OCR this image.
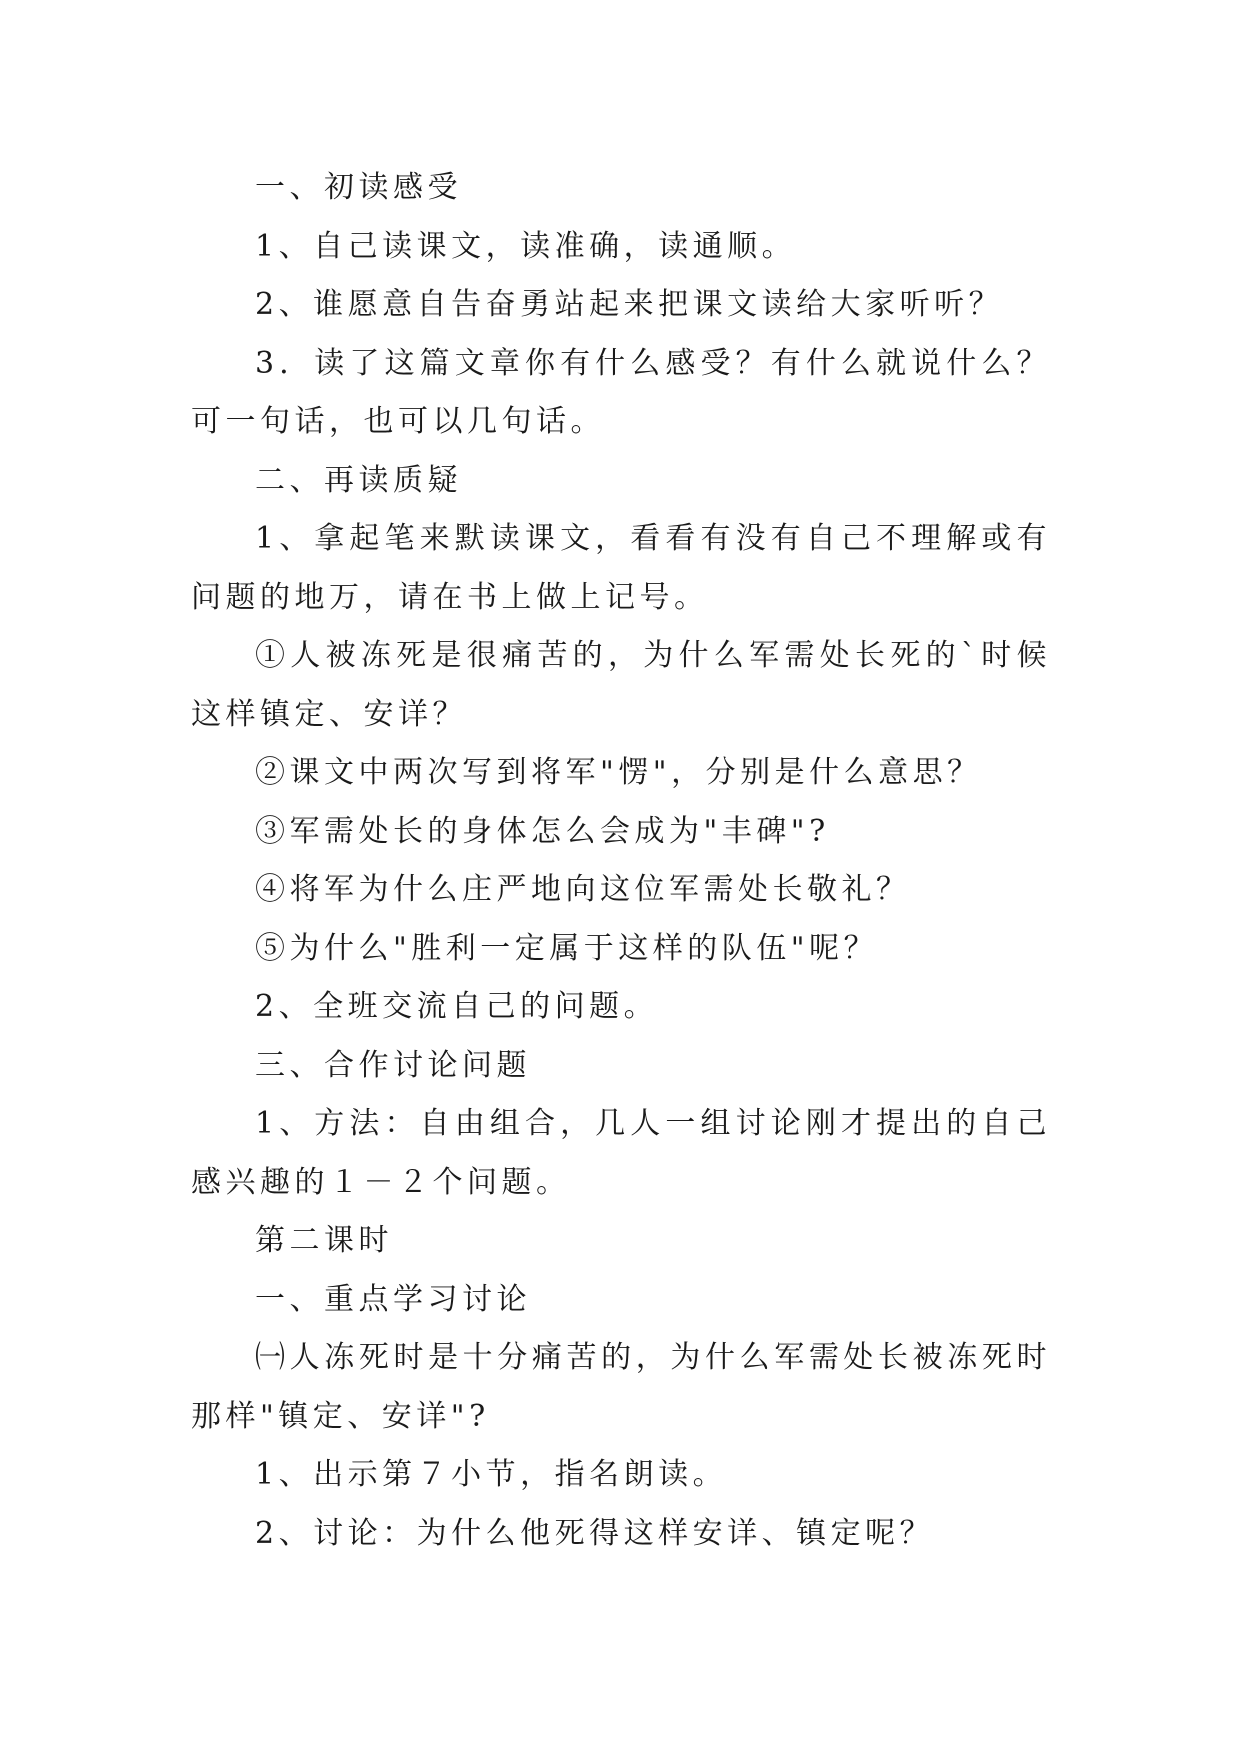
一、初读感受

1、自己读课文，读准确，读通顺。

2、谁愿意自告奋勇站起来把课文读给大家听听？

3．读了这篇文章你有什么感受？有什么就说什么？可一句话，也可以几句话。

二、再读质疑

1、拿起笔来默读课文，看看有没有自己不理解或有问题的地万，请在书上做上记号。

①人被冻死是很痛苦的，为什么军需处长死的`时候这样镇定、安详？

②课文中两次写到将军"愣"，分别是什么意思？

③军需处长的身体怎么会成为"丰碑"?

④将军为什么庄严地向这位军需处长敬礼？

⑤为什么"胜利一定属于这样的队伍"呢？

2、全班交流自己的问题。

三、合作讨论问题

1、方法：自由组合，几人一组讨论刚才提出的自己感兴趣的１－２个问题。

第二课时

一、重点学习讨论

㈠人冻死时是十分痛苦的，为什么军需处长被冻死时那样"镇定、安详"?

1、出示第７小节，指名朗读。

2、讨论：为什么他死得这样安详、镇定呢？
